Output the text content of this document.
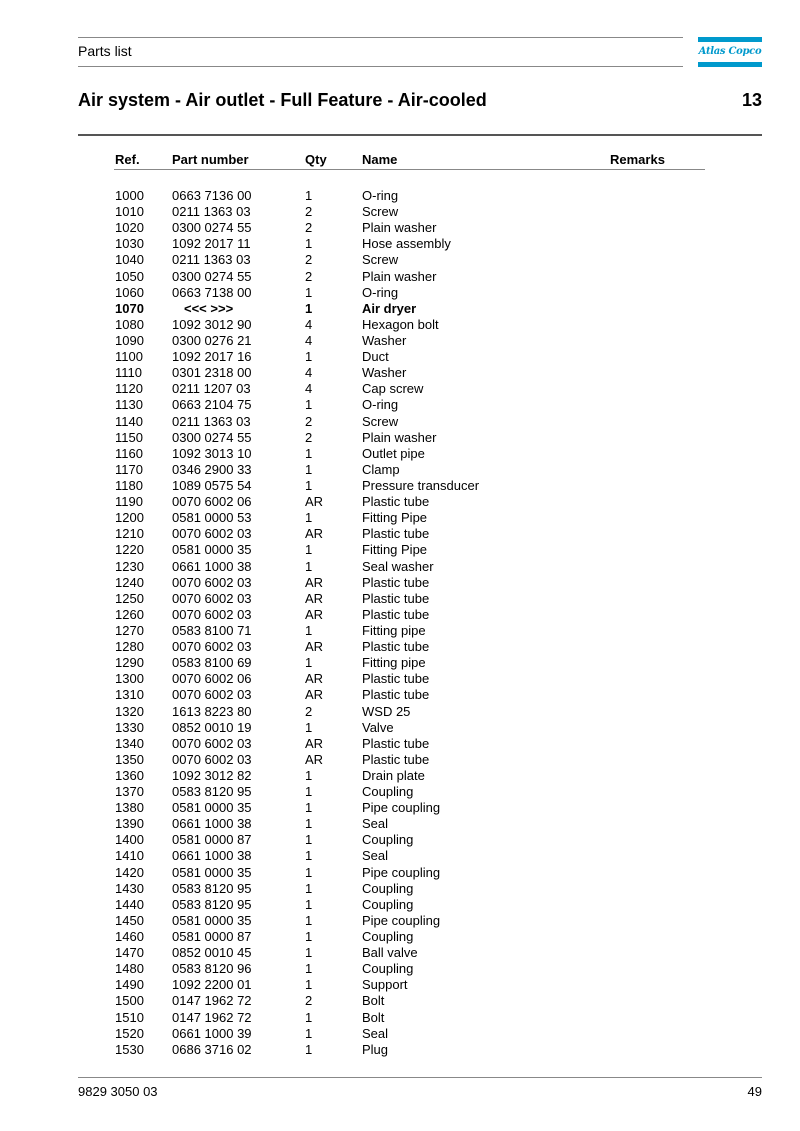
Parts list	Atlas Copco
Air system - Air outlet - Full Feature - Air-cooled	13
Ref. Part number	Qty	Name	Remarks
1000 0663 7136 00	1	O-ring
1010 0211 1363 03	2	Screw
1020 0300 0274 55	2	Plain washer
1030 1092 2017 11	1	Hose assembly
1040 0211 1363 03	2	Screw
1050 0300 0274 55	2	Plain washer
1060 0663 7138 00	1	O-ring
1070	<<< >>>	1	Air dryer
1080 1092 3012 90	4	Hexagon bolt
1090 0300 0276 21	4	Washer
1100 1092 2017 16	1	Duct
1110 0301 2318 00	4	Washer
1120 0211 1207 03	4	Cap screw
1130 0663 2104 75	1	O-ring
1140 0211 1363 03	2	Screw
1150 0300 0274 55	2	Plain washer
1160 1092 3013 10	1	Outlet pipe
1170 0346 2900 33	1	Clamp
1180 1089 0575 54	1	Pressure transducer
1190 0070 6002 06	AR	Plastic tube
1200 0581 0000 53	1	Fitting Pipe
1210 0070 6002 03	AR	Plastic tube
1220 0581 0000 35	1	Fitting Pipe
1230 0661 1000 38	1	Seal washer
1240 0070 6002 03	AR	Plastic tube
1250 0070 6002 03	AR	Plastic tube
1260 0070 6002 03	AR	Plastic tube
1270 0583 8100 71	1	Fitting pipe
1280 0070 6002 03	AR	Plastic tube
1290 0583 8100 69	1	Fitting pipe
1300 0070 6002 06	AR	Plastic tube
1310 0070 6002 03	AR	Plastic tube
1320 1613 8223 80	2	WSD 25
1330 0852 0010 19	1	Valve
1340 0070 6002 03	AR	Plastic tube
1350 0070 6002 03	AR	Plastic tube
1360 1092 3012 82	1	Drain plate
1370 0583 8120 95	1	Coupling
1380 0581 0000 35	1	Pipe coupling
1390 0661 1000 38	1	Seal
1400 0581 0000 87	1	Coupling
1410 0661 1000 38	1	Seal
1420 0581 0000 35	1	Pipe coupling
1430 0583 8120 95	1	Coupling
1440 0583 8120 95	1	Coupling
1450 0581 0000 35	1	Pipe coupling
1460 0581 0000 87	1	Coupling
1470 0852 0010 45	1	Ball valve
1480 0583 8120 96	1	Coupling
1490 1092 2200 01	1	Support
1500 0147 1962 72	2	Bolt
1510 0147 1962 72	1	Bolt
1520 0661 1000 39	1	Seal
1530 0686 3716 02	1	Plug
9829 3050 03	49
